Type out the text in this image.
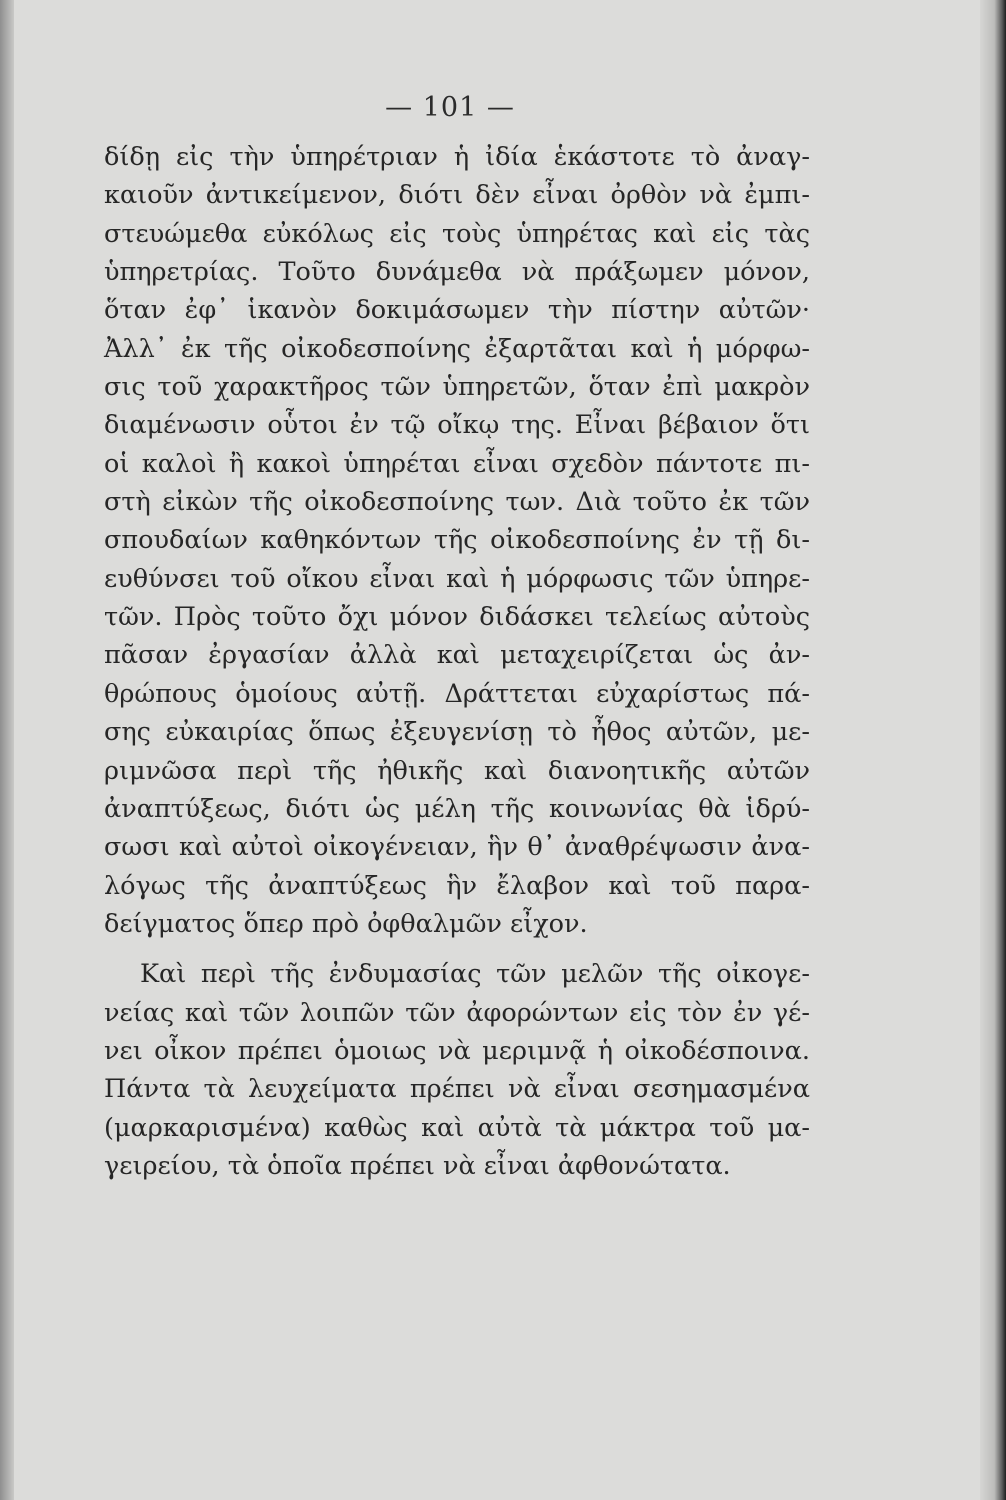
— 101 —
δίδῃ εἰς τὴν ὑπηρέτριαν ἡ ἰδία ἑκάστοτε τὸ ἀναγ-
καιοῦν ἀντικείμενον, διότι δὲν εἶναι ὀρθὸν νὰ ἐμπι-
στευώμεθα εὐκόλως εἰς τοὺς ὑπηρέτας καὶ εἰς τὰς
ὑπηρετρίας. Τοῦτο δυνάμεθα νὰ πράξωμεν μόνον,
ὅταν ἐφ᾿ ἱκανὸν δοκιμάσωμεν τὴν πίστην αὐτῶν·
Ἀλλ᾿ ἐκ τῆς οἰκοδεσποίνης ἐξαρτᾶται καὶ ἡ μόρφω-
σις τοῦ χαρακτῆρος τῶν ὑπηρετῶν, ὅταν ἐπὶ μακρὸν
διαμένωσιν οὗτοι ἐν τῷ οἴκῳ της. Εἶναι βέβαιον ὅτι
οἱ καλοὶ ἢ κακοὶ ὑπηρέται εἶναι σχεδὸν πάντοτε πι-
στὴ εἰκὼν τῆς οἰκοδεσποίνης των. Διὰ τοῦτο ἐκ τῶν
σπουδαίων καθηκόντων τῆς οἰκοδεσποίνης ἐν τῇ δι-
ευθύνσει τοῦ οἴκου εἶναι καὶ ἡ μόρφωσις τῶν ὑπηρε-
τῶν. Πρὸς τοῦτο ὄχι μόνον διδάσκει τελείως αὐτοὺς
πᾶσαν ἐργασίαν ἀλλὰ καὶ μεταχειρίζεται ὡς ἀν-
θρώπους ὁμοίους αὐτῇ. Δράττεται εὐχαρίστως πά-
σης εὐκαιρίας ὅπως ἐξευγενίσῃ τὸ ἦθος αὐτῶν, με-
ριμνῶσα περὶ τῆς ἠθικῆς καὶ διανοητικῆς αὐτῶν
ἀναπτύξεως, διότι ὡς μέλη τῆς κοινωνίας θὰ ἱδρύ-
σωσι καὶ αὐτοὶ οἰκογένειαν, ἣν θ᾿ ἀναθρέψωσιν ἀνα-
λόγως τῆς ἀναπτύξεως ἣν ἔλαβον καὶ τοῦ παρα-
δείγματος ὅπερ πρὸ ὀφθαλμῶν εἶχον.
Καὶ περὶ τῆς ἐνδυμασίας τῶν μελῶν τῆς οἰκογε-
νείας καὶ τῶν λοιπῶν τῶν ἀφορώντων εἰς τὸν ἐν γέ-
νει οἶκον πρέπει ὁμοιως νὰ μεριμνᾷ ἡ οἰκοδέσποινα.
Πάντα τὰ λευχείματα πρέπει νὰ εἶναι σεσημασμένα
(μαρκαρισμένα) καθὼς καὶ αὐτὰ τὰ μάκτρα τοῦ μα-
γειρείου, τὰ ὁποῖα πρέπει νὰ εἶναι ἀφθονώτατα.
